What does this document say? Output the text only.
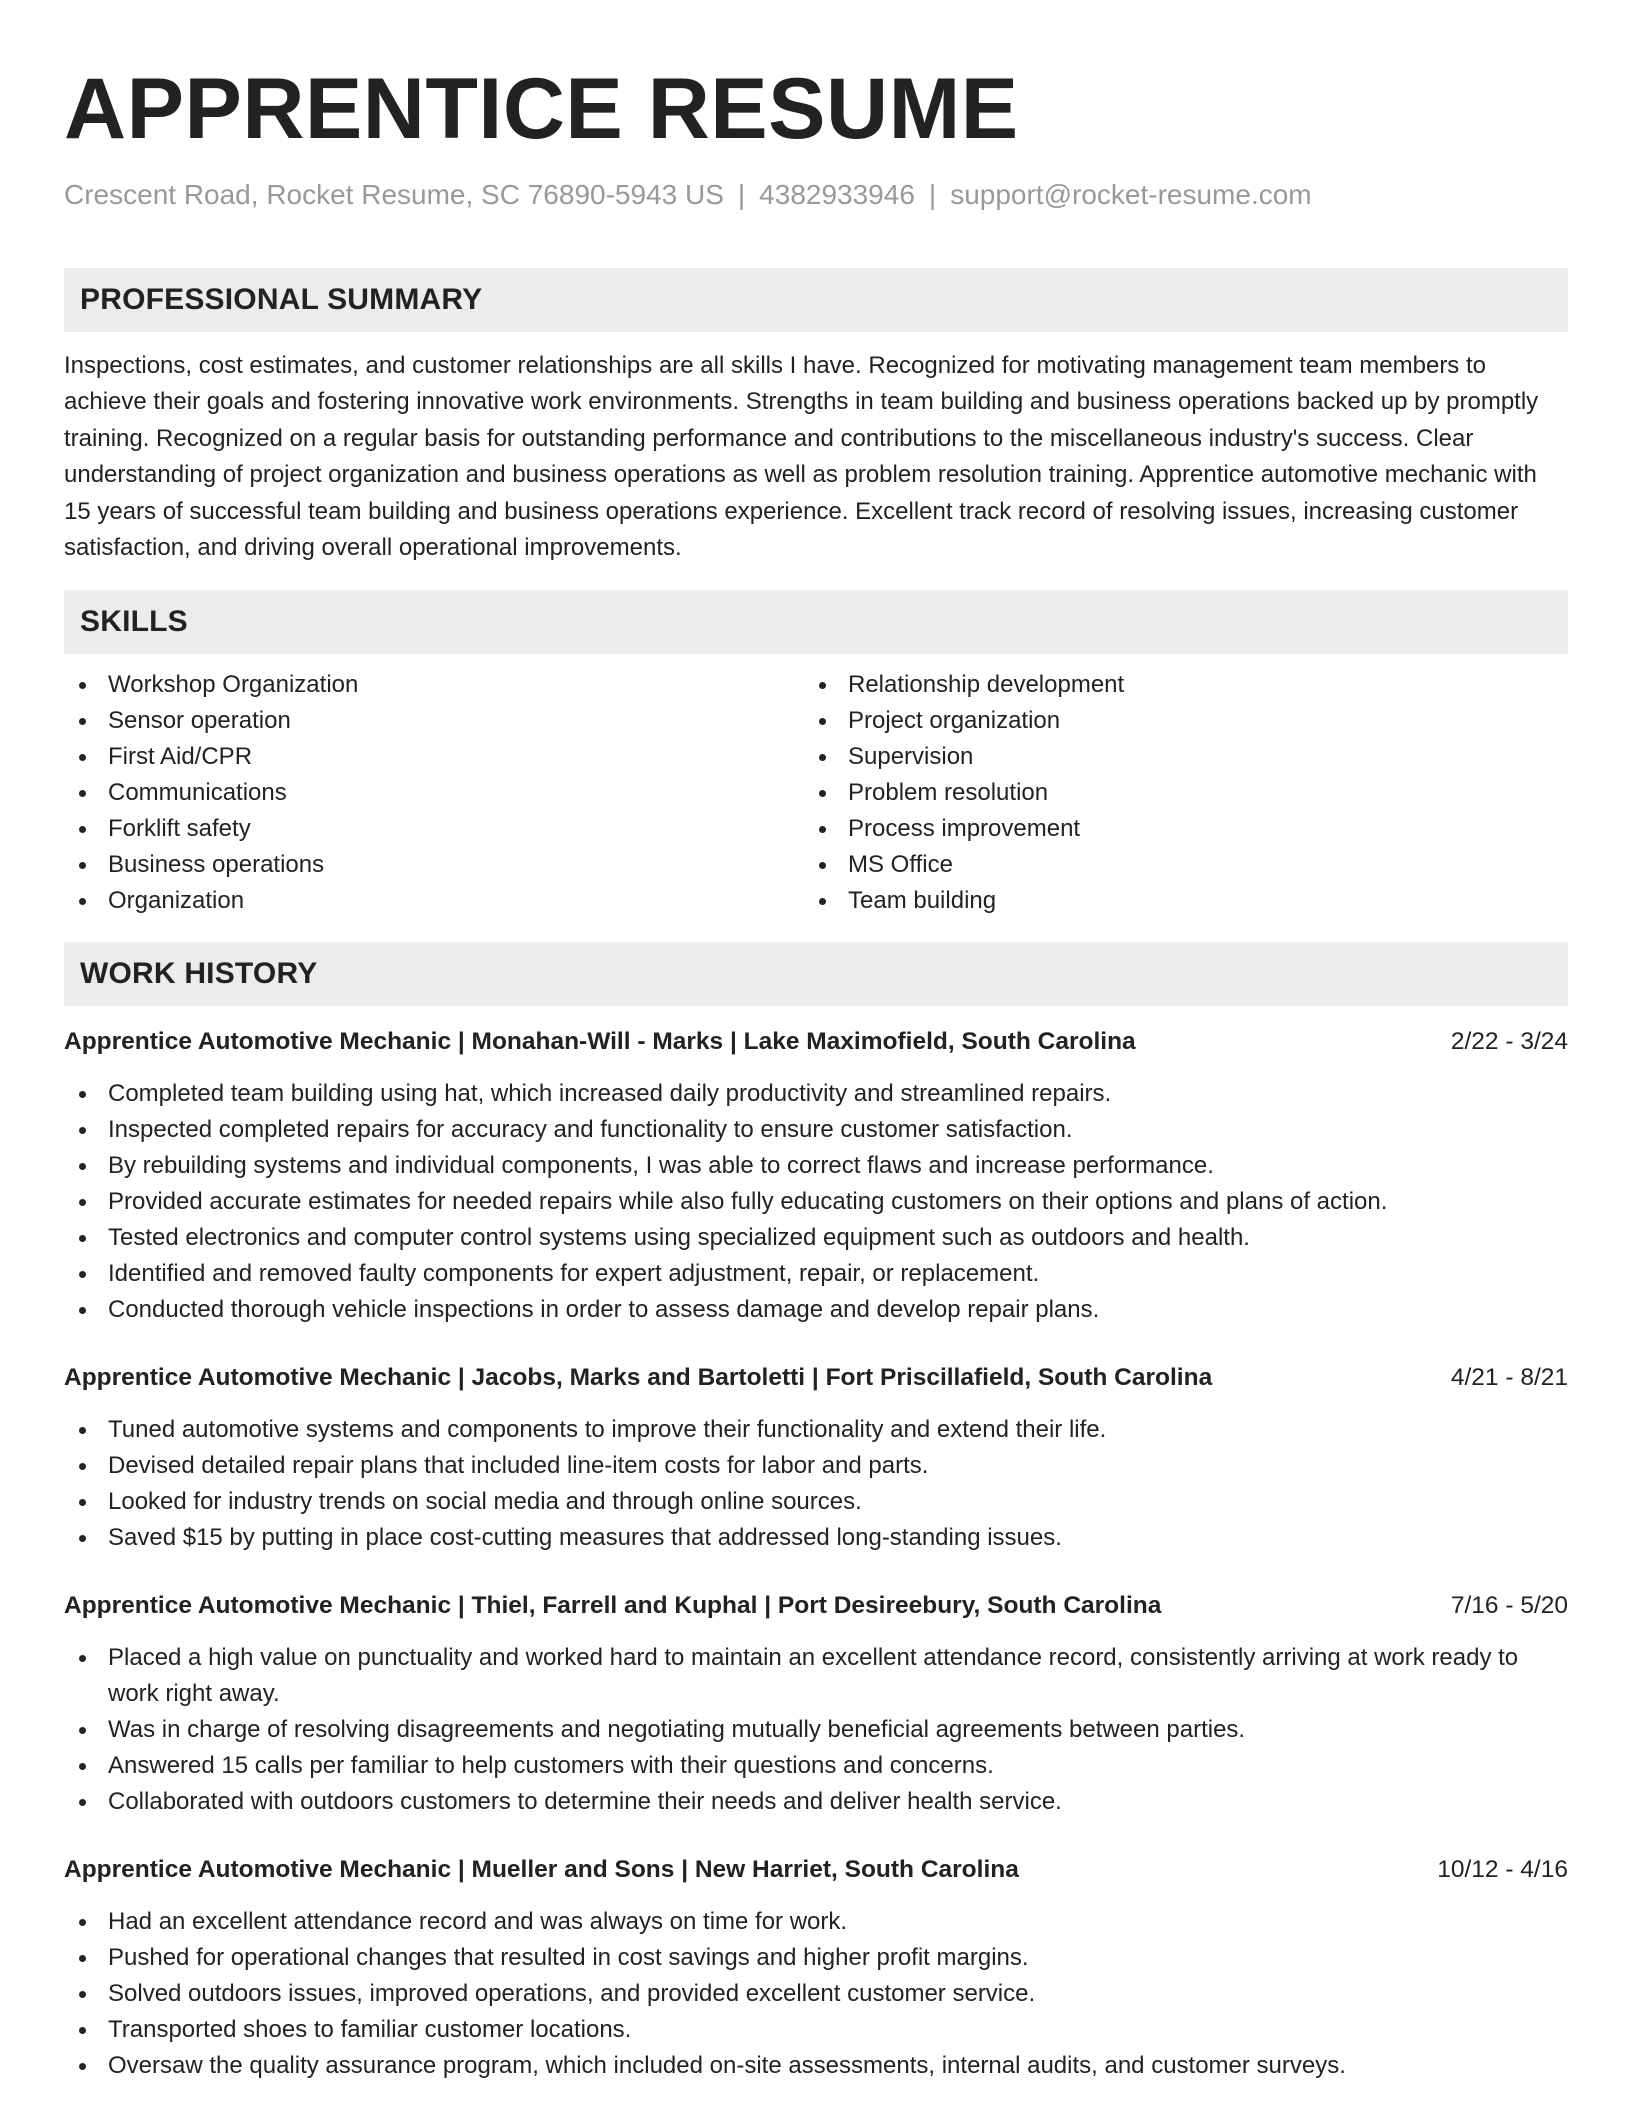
APPRENTICE RESUME
Crescent Road, Rocket Resume, SC 76890-5943 US | 4382933946 | support@rocket-resume.com
PROFESSIONAL SUMMARY

Inspections, cost estimates, and customer relationships are all skills I have. Recognized for motivating management team members to achieve their goals and fostering innovative work environments. Strengths in team building and business operations backed up by promptly training. Recognized on a regular basis for outstanding performance and contributions to the miscellaneous industry's success. Clear understanding of project organization and business operations as well as problem resolution training. Apprentice automotive mechanic with 15 years of successful team building and business operations experience. Excellent track record of resolving issues, increasing customer satisfaction, and driving overall operational improvements.

SKILLS
Workshop Organization
Sensor operation
First Aid/CPR
Communications
Forklift safety
Business operations
Organization
Relationship development
Project organization
Supervision
Problem resolution
Process improvement
MS Office
Team building
WORK HISTORY
Apprentice Automotive Mechanic | Monahan-Will - Marks | Lake Maximofield, South Carolina	2/22 - 3/24
Completed team building using hat, which increased daily productivity and streamlined repairs.
Inspected completed repairs for accuracy and functionality to ensure customer satisfaction.
By rebuilding systems and individual components, I was able to correct flaws and increase performance.
Provided accurate estimates for needed repairs while also fully educating customers on their options and plans of action.
Tested electronics and computer control systems using specialized equipment such as outdoors and health.
Identified and removed faulty components for expert adjustment, repair, or replacement.
Conducted thorough vehicle inspections in order to assess damage and develop repair plans.
Apprentice Automotive Mechanic | Jacobs, Marks and Bartoletti | Fort Priscillafield, South Carolina	4/21 - 8/21
Tuned automotive systems and components to improve their functionality and extend their life.
Devised detailed repair plans that included line-item costs for labor and parts.
Looked for industry trends on social media and through online sources.
Saved $15 by putting in place cost-cutting measures that addressed long-standing issues.
Apprentice Automotive Mechanic | Thiel, Farrell and Kuphal | Port Desireebury, South Carolina	7/16 - 5/20
Placed a high value on punctuality and worked hard to maintain an excellent attendance record, consistently arriving at work ready to work right away.
Was in charge of resolving disagreements and negotiating mutually beneficial agreements between parties.
Answered 15 calls per familiar to help customers with their questions and concerns.
Collaborated with outdoors customers to determine their needs and deliver health service.
Apprentice Automotive Mechanic | Mueller and Sons | New Harriet, South Carolina	10/12 - 4/16
Had an excellent attendance record and was always on time for work.
Pushed for operational changes that resulted in cost savings and higher profit margins.
Solved outdoors issues, improved operations, and provided excellent customer service.
Transported shoes to familiar customer locations.
Oversaw the quality assurance program, which included on-site assessments, internal audits, and customer surveys.
